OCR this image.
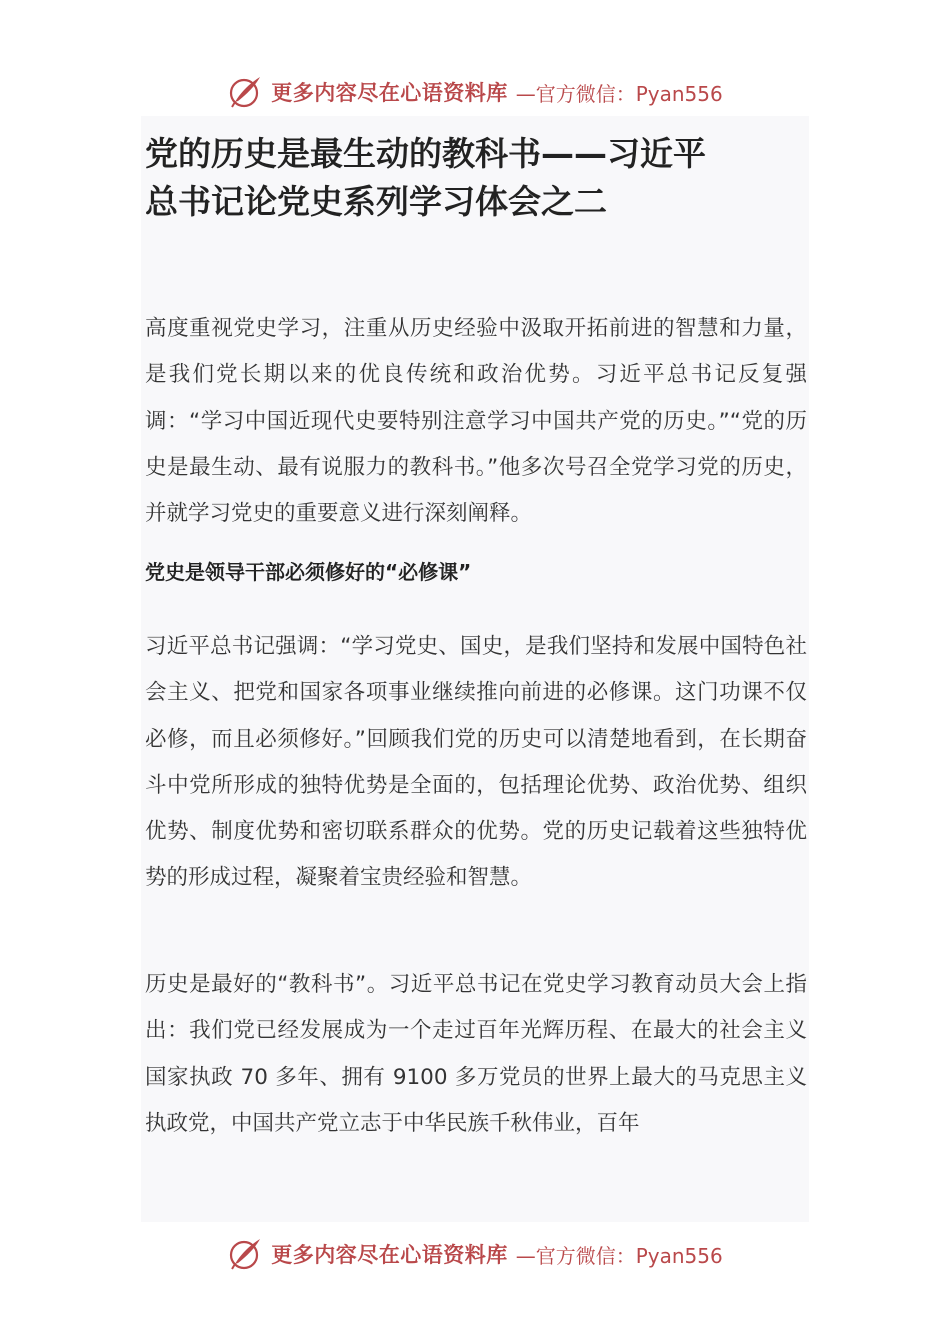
更多内容尽在心语资料库 —官方微信：Pyan556
党的历史是最生动的教科书——习近平
总书记论党史系列学习体会之二

高度重视党史学习，注重从历史经验中汲取开拓前进的智慧和力量，是我们党长期以来的优良传统和政治优势。习近平总书记反复强调：“学习中国近现代史要特别注意学习中国共产党的历史。”“党的历史是最生动、最有说服力的教科书。”他多次号召全党学习党的历史，并就学习党史的重要意义进行深刻阐释。

党史是领导干部必须修好的“必修课”

习近平总书记强调：“学习党史、国史，是我们坚持和发展中国特色社会主义、把党和国家各项事业继续推向前进的必修课。这门功课不仅必修，而且必须修好。”回顾我们党的历史可以清楚地看到，在长期奋斗中党所形成的独特优势是全面的，包括理论优势、政治优势、组织优势、制度优势和密切联系群众的优势。党的历史记载着这些独特优势的形成过程，凝聚着宝贵经验和智慧。

历史是最好的“教科书”。习近平总书记在党史学习教育动员大会上指出：我们党已经发展成为一个走过百年光辉历程、在最大的社会主义国家执政 70 多年、拥有 9100 多万党员的世界上最大的马克思主义执政党，中国共产党立志于中华民族千秋伟业，百年

更多内容尽在心语资料库 —官方微信：Pyan556
